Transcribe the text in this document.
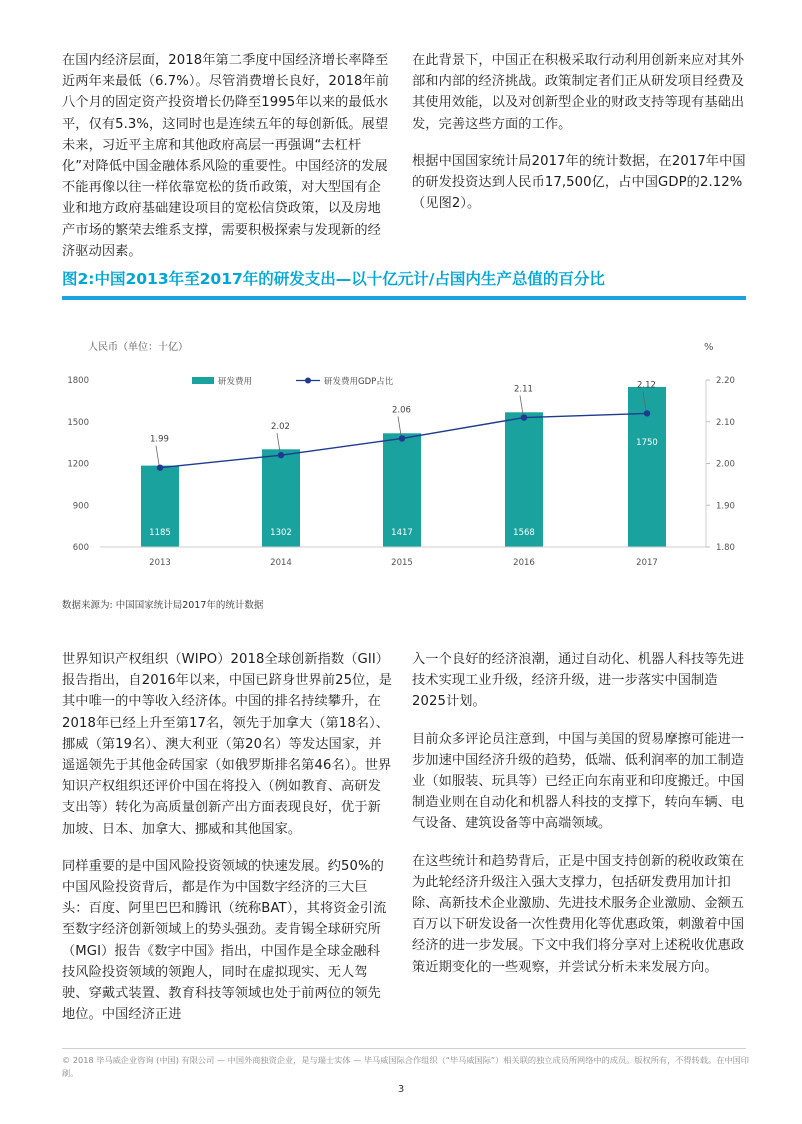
在国内经济层面，2018年第二季度中国经济增长率降至近两年来最低（6.7%）。尽管消费增长良好，2018年前八个月的固定资产投资增长仍降至1995年以来的最低水平，仅有5.3%，这同时也是连续五年的每创新低。展望未来，习近平主席和其他政府高层一再强调“去杠杆化”对降低中国金融体系风险的重要性。中国经济的发展不能再像以往一样依靠宽松的货币政策，对大型国有企业和地方政府基础建设项目的宽松信贷政策，以及房地产市场的繁荣去维系支撑，需要积极探索与发现新的经济驱动因素。

在此背景下，中国正在积极采取行动利用创新来应对其外部和内部的经济挑战。政策制定者们正从研发项目经费及其使用效能，以及对创新型企业的财政支持等现有基础出发，完善这些方面的工作。

根据中国国家统计局2017年的统计数据，在2017年中国的研发投资达到人民币17,500亿，占中国GDP的2.12%（见图2）。

图2:中国2013年至2017年的研发支出—以十亿元计/占国内生产总值的百分比
人民币（单位：十亿）	%
研发费用	研发费用GDP占比
1800
1500
1200
900
600
2.20
2.10
2.00
1.90
1.80
1185	1302	1417	1568
1750
1.99
2.02
2.06
2.11	2.12
2013	2014	2015	2016	2017
数据来源为: 中国国家统计局2017年的统计数据

世界知识产权组织（WIPO）2018全球创新指数（GII）报告指出，自2016年以来，中国已跻身世界前25位，是其中唯一的中等收入经济体。中国的排名持续攀升，在2018年已经上升至第17名，领先于加拿大（第18名）、挪威（第19名）、澳大利亚（第20名）等发达国家，并遥遥领先于其他金砖国家（如俄罗斯排名第46名）。世界知识产权组织还评价中国在将投入（例如教育、高研发支出等）转化为高质量创新产出方面表现良好，优于新加坡、日本、加拿大、挪威和其他国家。

同样重要的是中国风险投资领域的快速发展。约50%的中国风险投资背后，都是作为中国数字经济的三大巨头：百度、阿里巴巴和腾讯（统称BAT），其将资金引流至数字经济创新领域上的势头强劲。麦肯锡全球研究所（MGI）报告《数字中国》指出，中国作是全球金融科技风险投资领域的领跑人，同时在虚拟现实、无人驾驶、穿戴式装置、教育科技等领域也处于前两位的领先地位。中国经济正进

入一个良好的经济浪潮，通过自动化、机器人科技等先进技术实现工业升级，经济升级，进一步落实中国制造2025计划。

目前众多评论员注意到，中国与美国的贸易摩擦可能进一步加速中国经济升级的趋势，低端、低利润率的加工制造业（如服装、玩具等）已经正向东南亚和印度搬迁。中国制造业则在自动化和机器人科技的支撑下，转向车辆、电气设备、建筑设备等中高端领域。

在这些统计和趋势背后，正是中国支持创新的税收政策在为此轮经济升级注入强大支撑力，包括研发费用加计扣除、高新技术企业激励、先进技术服务企业激励、金额五百万以下研发设备一次性费用化等优惠政策，刺激着中国经济的进一步发展。下文中我们将分享对上述税收优惠政策近期变化的一些观察，并尝试分析未来发展方向。

© 2018 毕马威企业咨询 (中国) 有限公司 — 中国外商独资企业，是与瑞士实体 — 毕马威国际合作组织（“毕马威国际”）相关联的独立成员所网络中的成员。版权所有，不得转载。在中国印刷。
3
